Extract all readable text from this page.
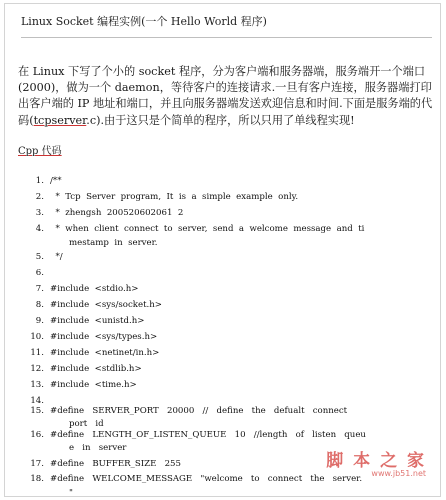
Linux Socket 编程实例(一个 Hello World 程序)
在 Linux 下写了个小的 socket 程序，分为客户端和服务器端，服务端开一个端口(2000)，做为一个 daemon，等待客户的连接请求.一旦有客户连接，服务器端打印出客户端的 IP 地址和端口，并且向服务器端发送欢迎信息和时间.下面是服务端的代码(tcpserver.c).由于这只是个简单的程序，所以只用了单线程实现!
Cpp 代码
1. /**
2. *  Tcp  Server  program,  It  is  a  simple  example  only.
3. *  zhengsh  200520602061  2
4. *  when  client  connect  to  server,  send  a  welcome  message  and  ti
mestamp  in  server.
5. */
6.
7. #include  <stdio.h>
8. #include  <sys/socket.h>
9. #include  <unistd.h>
10. #include  <sys/types.h>
11. #include  <netinet/in.h>
12. #include  <stdlib.h>
13. #include  <time.h>
14.
15. #define   SERVER_PORT   20000   //   define   the   defualt   connect
port   id
16. #define   LENGTH_OF_LISTEN_QUEUE   10   //length   of   listen   queu
e   in   server
17. #define   BUFFER_SIZE   255
18. #define   WELCOME_MESSAGE   "welcome   to   connect   the   server.
"
脚 本 之 家
www.jb51.net
